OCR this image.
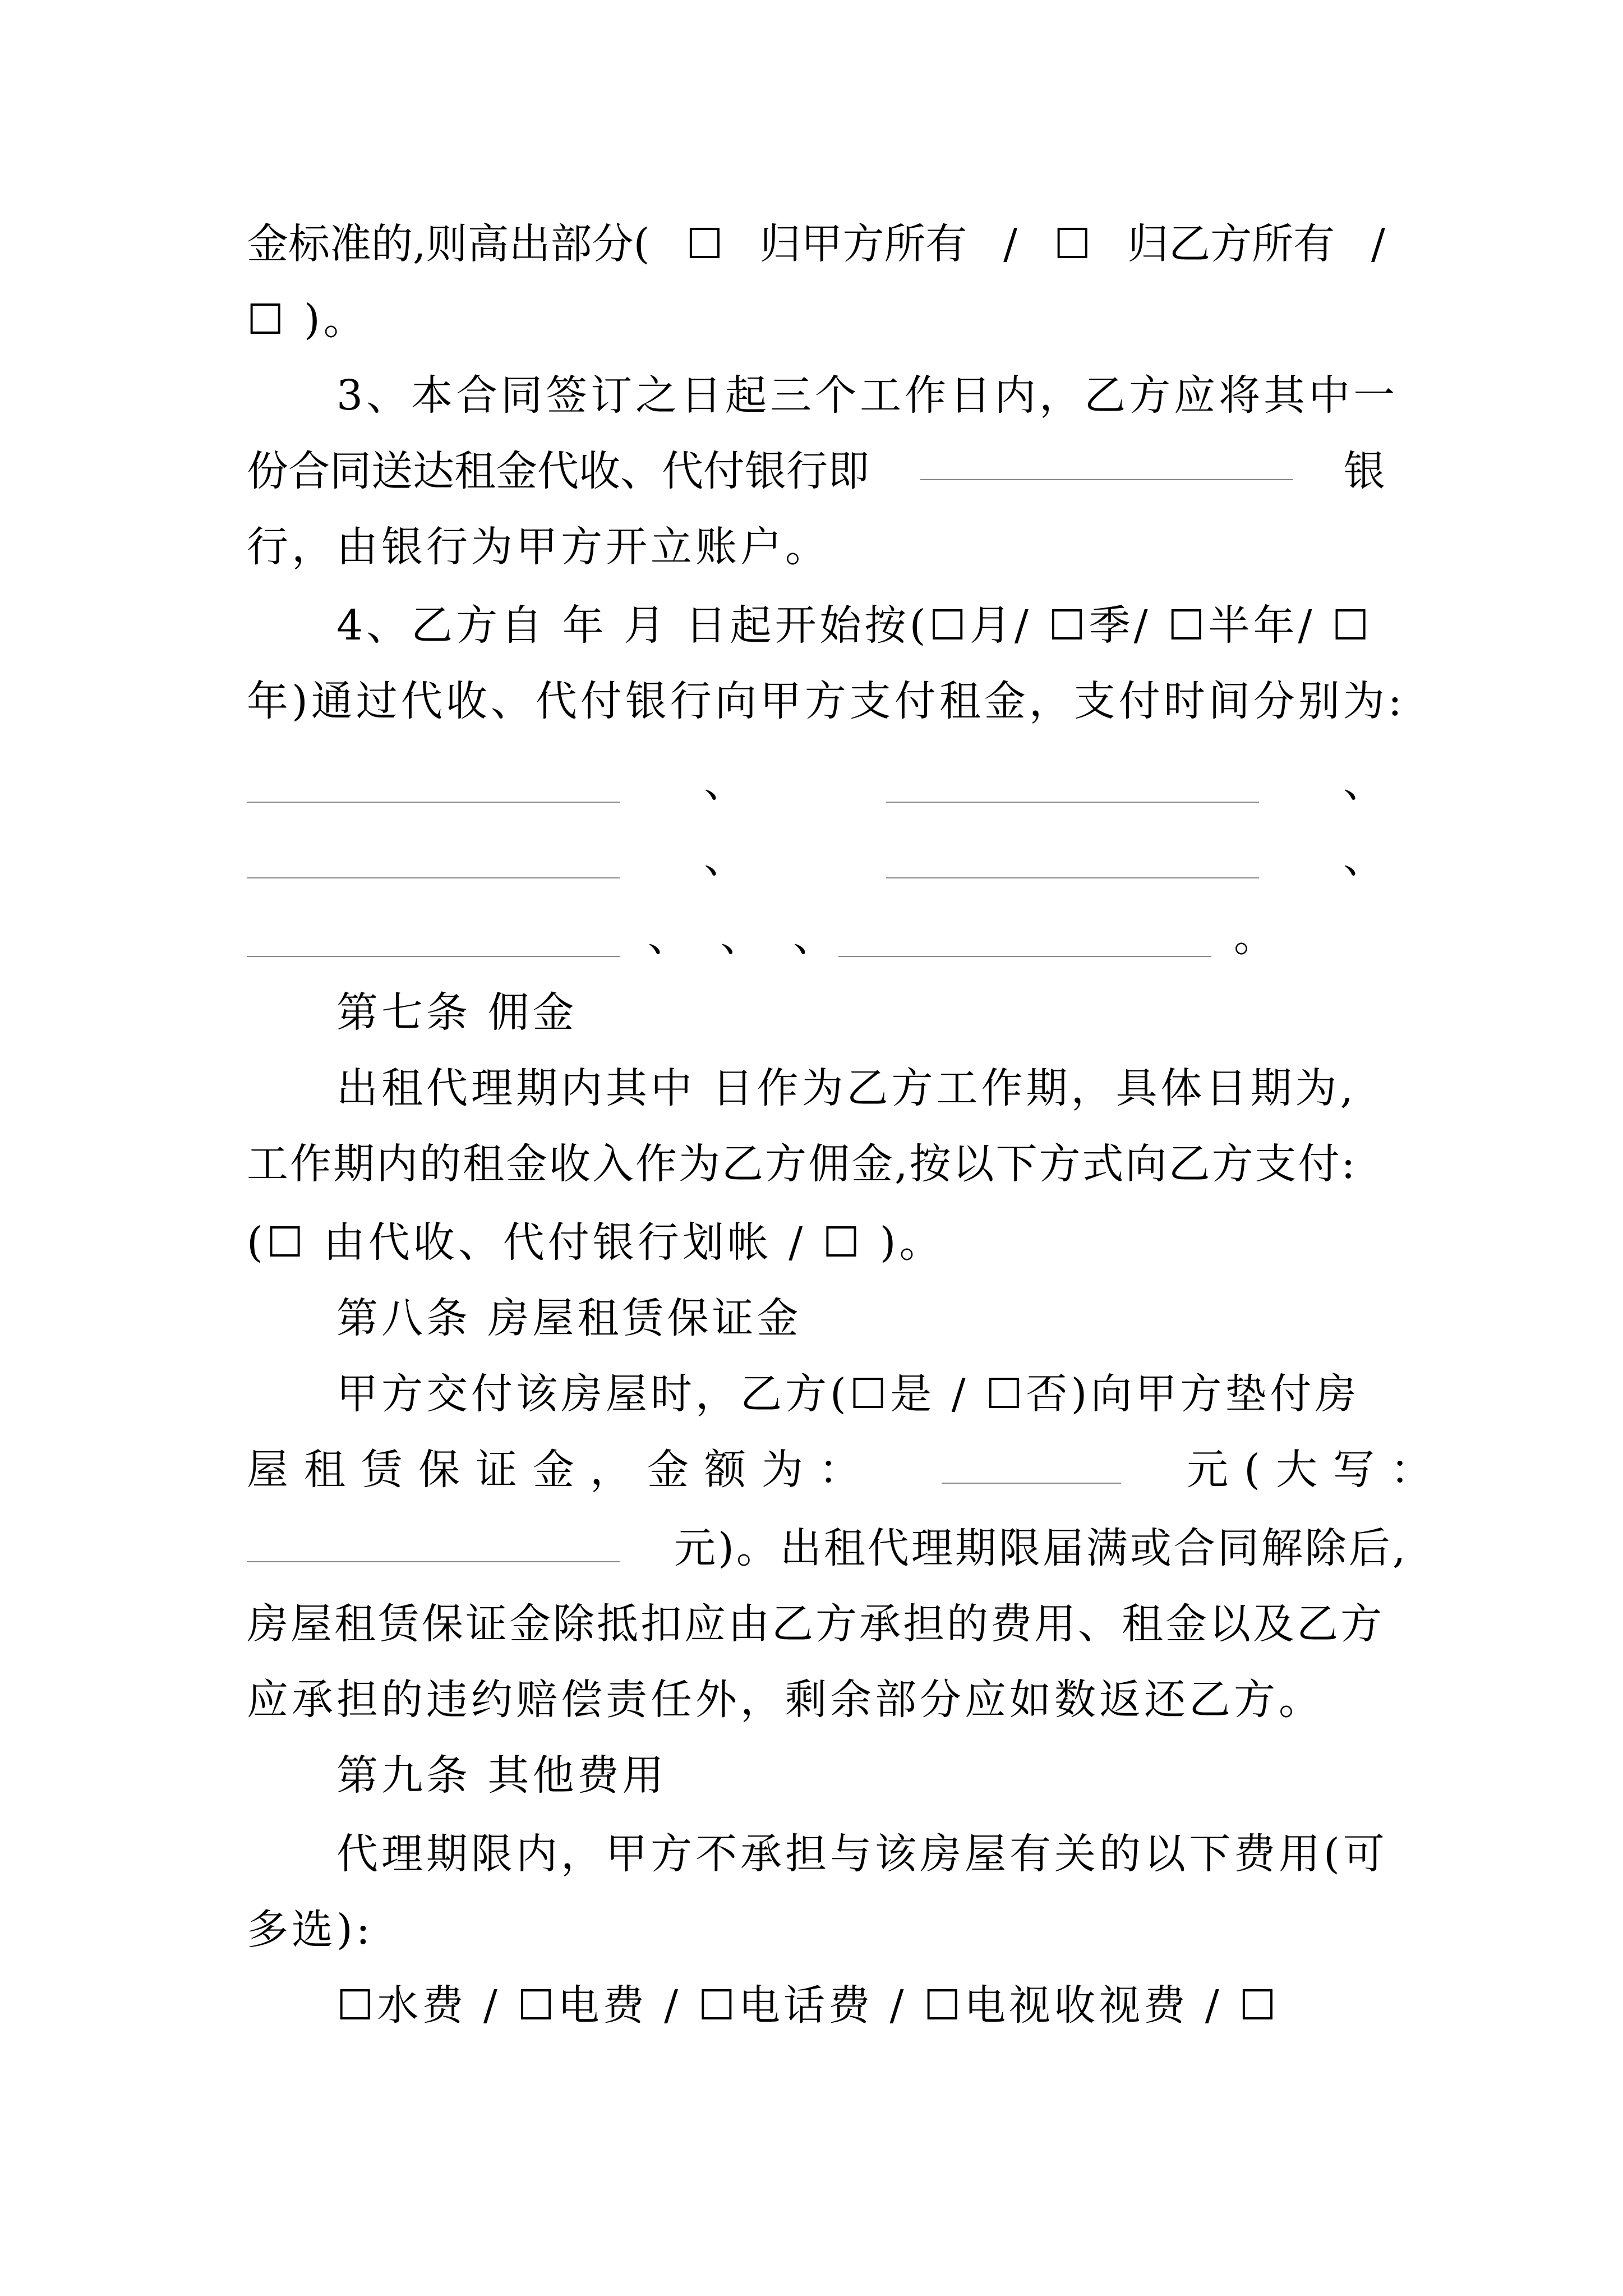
金标准的,则高出部分( ☐ 归甲方所有 / ☐ 归乙方所有 /
☐ )。
3、本合同签订之日起三个工作日内，乙方应将其中一
份合同送达租金代收、代付银行即	银
行，由银行为甲方开立账户。
4、乙方自 年 月 日起开始按(☐月/ ☐季/ ☐半年/ ☐
年)通过代收、代付银行向甲方支付租金，支付时间分别为:
、	、
、	、
、 、 、	。
第七条 佣金
出租代理期内其中 日作为乙方工作期，具体日期为,
工作期内的租金收入作为乙方佣金,按以下方式向乙方支付:
(☐ 由代收、代付银行划帐 / ☐ )。
第八条 房屋租赁保证金
甲方交付该房屋时，乙方(☐是 / ☐否)向甲方垫付房
屋租赁保证金，金额为：	元(大写：
元)。出租代理期限届满或合同解除后,
房屋租赁保证金除抵扣应由乙方承担的费用、租金以及乙方
应承担的违约赔偿责任外，剩余部分应如数返还乙方。
第九条 其他费用
代理期限内，甲方不承担与该房屋有关的以下费用(可
多选):
☐水费 / ☐电费 / ☐电话费 / ☐电视收视费 / ☐
